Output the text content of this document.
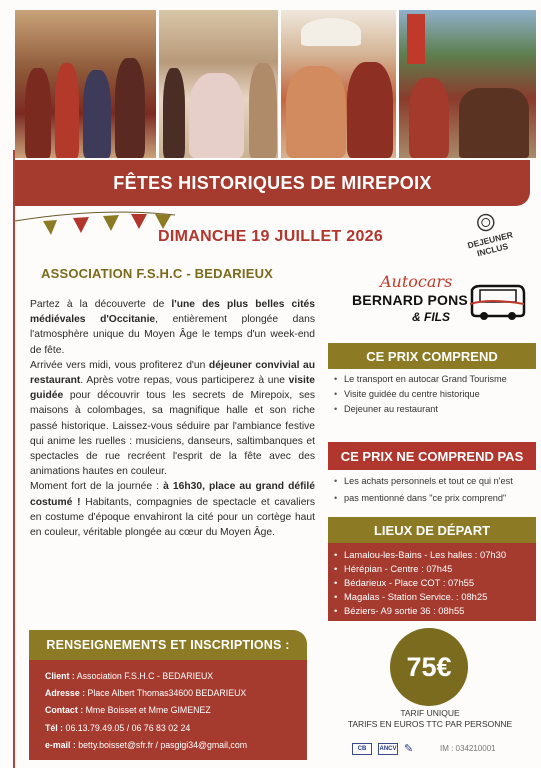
FÊTES HISTORIQUES DE MIREPOIX
DIMANCHE 19 JUILLET 2026	DEJEUNER INCLUS
ASSOCIATION F.S.H.C - BEDARIEUX

Partez à la découverte de l'une des plus belles cités médiévales d'Occitanie, entièrement plongée dans l'atmosphère unique du Moyen Âge le temps d'un week-end de fête.

Arrivée vers midi, vous profiterez d'un déjeuner convivial au restaurant. Après votre repas, vous participerez à une visite guidée pour découvrir tous les secrets de Mirepoix, ses maisons à colombages, sa magnifique halle et son riche passé historique. Laissez-vous séduire par l'ambiance festive qui anime les ruelles : musiciens, danseurs, saltimbanques et spectacles de rue recréent l'esprit de la fête avec des animations hautes en couleur.

Moment fort de la journée : à 16h30, place au grand défilé costumé ! Habitants, compagnies de spectacle et cavaliers en costume d'époque envahiront la cité pour un cortège haut en couleur, véritable plongée au cœur du Moyen Âge.

Autocars
BERNARD PONS
& FILS
CE PRIX COMPREND
• Le transport en autocar Grand Tourisme
• Visite guidée du centre historique
• Dejeuner au restaurant
CE PRIX NE COMPREND PAS
• Les achats personnels et tout ce qui n'est
• pas mentionné dans "ce prix comprend"
LIEUX DE DÉPART
• Lamalou-les-Bains - Les halles : 07h30
• Hérépian - Centre : 07h45
• Bédarieux - Place COT : 07h55
• Magalas - Station Service. : 08h25
• Béziers- A9 sortie 36 : 08h55
RENSEIGNEMENTS ET INSCRIPTIONS :
Client : Association F.S.H.C - BEDARIEUX
Adresse : Place Albert Thomas34600 BEDARIEUX
Contact : Mme Boisset et Mme GIMENEZ
Tél : 06.13.79.49.05 / 06 76 83 02 24
e-mail : betty.boisset@sfr.fr / pasgigi34@gmail,com
75€
TARIF UNIQUE
TARIFS EN EUROS TTC PAR PERSONNE
CB	ANCV ✎	IM : 034210001
